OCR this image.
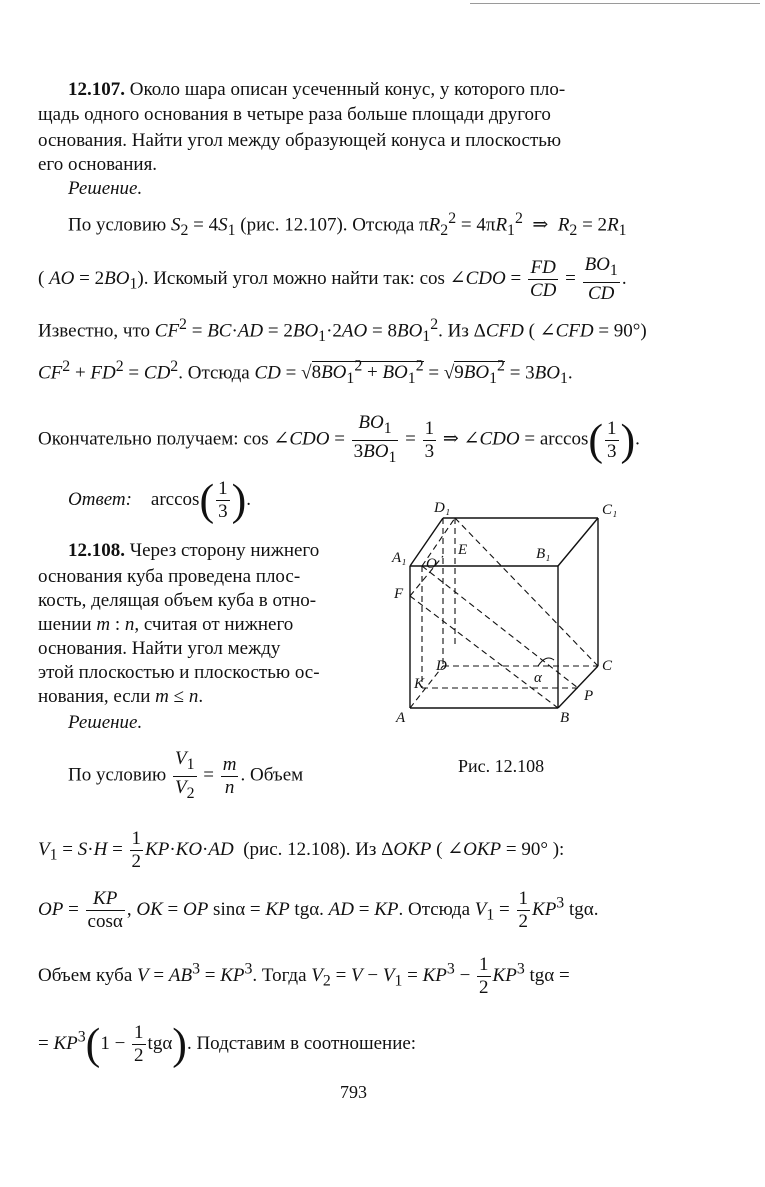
12.107. Около шара описан усеченный конус, у которого пло-
щадь одного основания в четыре раза больше площади другого
основания. Найти угол между образующей конуса и плоскостью
его основания.
Решение.
По условию $S_2 = 4S_1$ (рис. 12.107). Отсюда $\pi R_2^2 = 4\pi R_1^2$  ⇒  $R_2 = 2R_1$
( AO = $2BO_1$). Искомый угол можно найти так: cos ∠CDO = $\frac{FD}{CD} = \frac{BO_1}{CD}$ .
Известно, что $CF^2 = BC\cdot AD = 2BO_1\cdot 2AO = 8BO_1^2$. Из ΔCFD ( ∠CFD = 90°)
$CF^2 + FD^2 = CD^2$. Отсюда CD = $√8BO_1^2 + BO_1^2 = √9BO_1^2 = 3BO_1$.
Окончательно получаем: cos ∠CDO = $\frac{BO_1}{3BO_1} = \frac{1}{3}$ ⇒ ∠CDO = $\arccos( \frac{1}{3}$ ).
Ответ:    $\arccos( \frac{1}{3}$ ).
12.108. Через сторону нижнего
основания куба проведена плос-
кость, делящая объем куба в отно-
шении m : n, считая от нижнего
основания. Найти угол между
этой плоскостью и плоскостью ос-
нования, если m ≤ n.
Решение.
По условию $\frac{V_1}{V_2} = \frac{m}{n}$ . Объем
$V_1 = S\cdot H = \frac{1}{2} KP\cdot KO\cdot AD$ (рис. 12.108). Из ΔOKP ( ∠OKP = 90° ):
OP = $\frac{KP}{\cos\alpha}$ , OK = OP sinα = KP tgα. AD = KP. Отсюда $V_1 = \frac{1}{2} KP^3$ tgα.
Объем куба $V = AB^3 = KP^3$. Тогда $V_2 = V - V_1 = KP^3 - \frac{1}{2} KP^3$ tgα =
= $KP^3(1 - \frac{1}{2} tg\alpha)$. Подставим в соотношение:
D₁	C₁
A₁ O
E	B₁
F
D
α
C
K
P
A	B
Рис. 12.108
793
